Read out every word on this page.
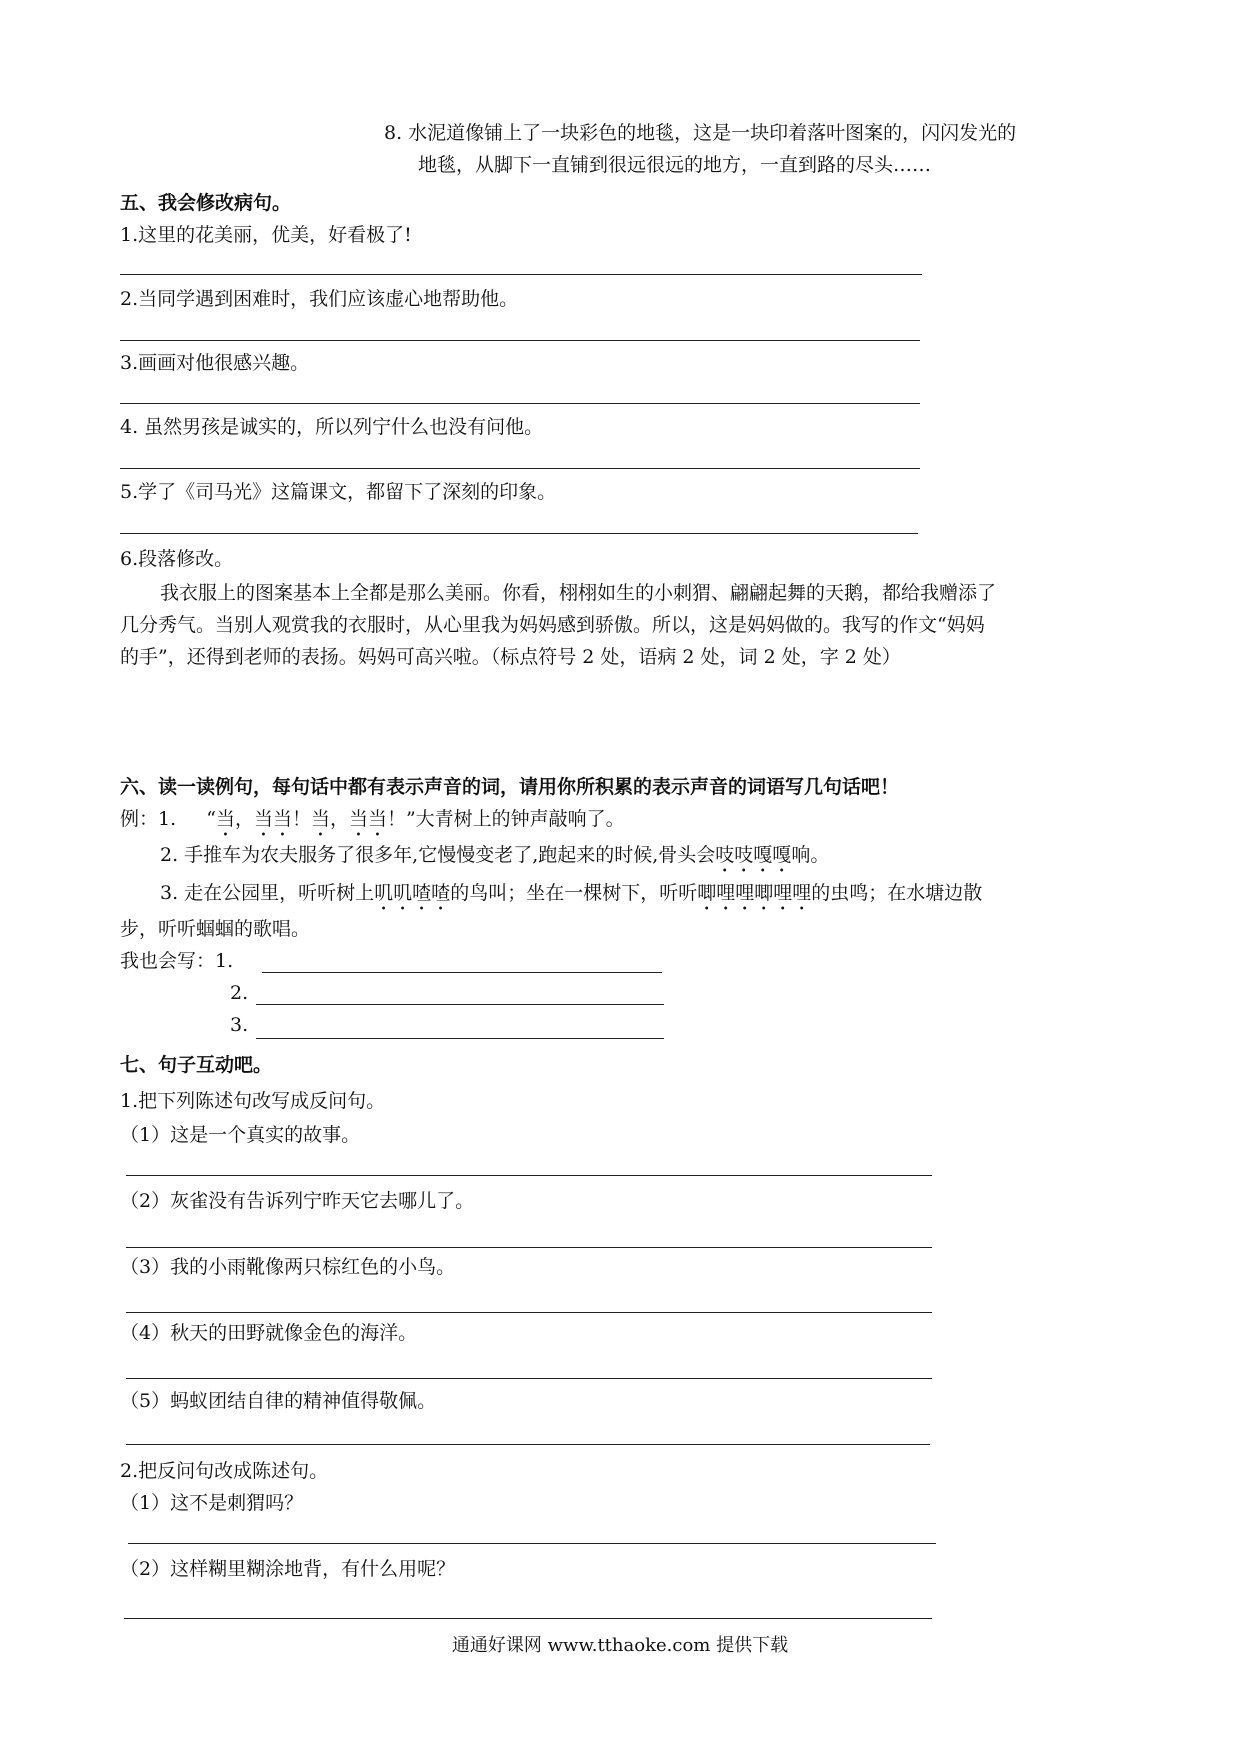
8. 水泥道像铺上了一块彩色的地毯，这是一块印着落叶图案的，闪闪发光的
地毯，从脚下一直铺到很远很远的地方，一直到路的尽头……
五、我会修改病句。
1.这里的花美丽，优美，好看极了!
2.当同学遇到困难时，我们应该虚心地帮助他。
3.画画对他很感兴趣。
4. 虽然男孩是诚实的，所以列宁什么也没有问他。
5.学了《司马光》这篇课文，都留下了深刻的印象。
6.段落修改。
我衣服上的图案基本上全都是那么美丽。你看，栩栩如生的小刺猬、翩翩起舞的天鹅，都给我赠添了
几分秀气。当别人观赏我的衣服时，从心里我为妈妈感到骄傲。所以，这是妈妈做的。我写的作文“妈妈
的手”，还得到老师的表扬。妈妈可高兴啦。（标点符号 2 处，语病 2 处，词 2 处，字 2 处）
六、读一读例句，每句话中都有表示声音的词，请用你所积累的表示声音的词语写几句话吧！
例：1. “当，当当！当，当当！”大青树上的钟声敲响了。
2. 手推车为农夫服务了很多年,它慢慢变老了,跑起来的时候,骨头会吱吱嘎嘎响。
3. 走在公园里，听听树上叽叽喳喳的鸟叫；坐在一棵树下，听听唧哩哩唧哩哩的虫鸣；在水塘边散
步，听听蝈蝈的歌唱。
我也会写：1.
2.
3.
七、句子互动吧。
1.把下列陈述句改写成反问句。
（1）这是一个真实的故事。
（2）灰雀没有告诉列宁昨天它去哪儿了。
（3）我的小雨靴像两只棕红色的小鸟。
（4）秋天的田野就像金色的海洋。
（5）蚂蚁团结自律的精神值得敬佩。
2.把反问句改成陈述句。
（1）这不是刺猬吗？
（2）这样糊里糊涂地背，有什么用呢？
通通好课网 www.tthaoke.com 提供下载
